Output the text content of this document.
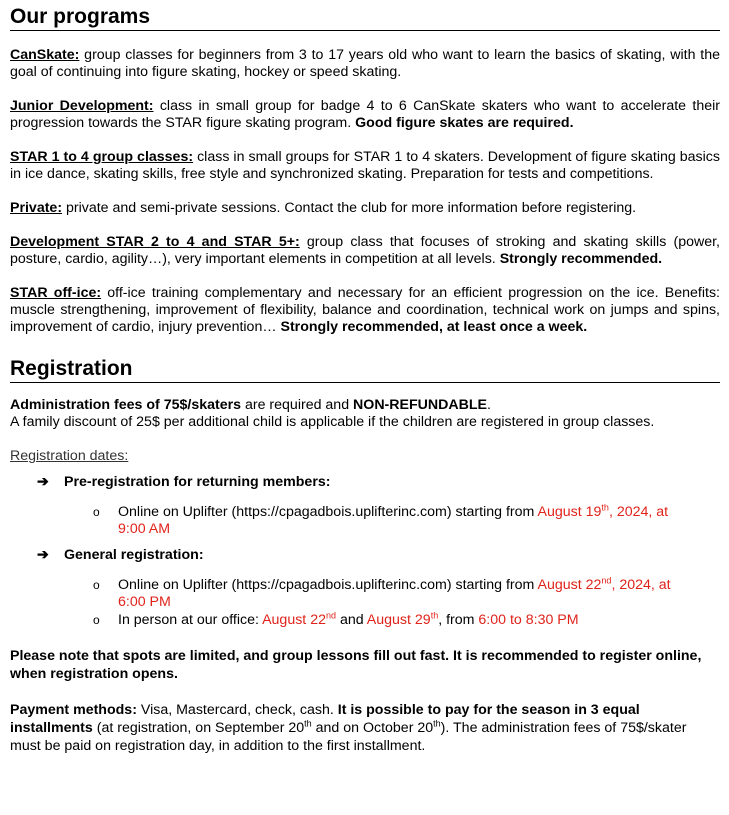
Our programs

CanSkate: group classes for beginners from 3 to 17 years old who want to learn the basics of skating, with the goal of continuing into figure skating, hockey or speed skating.

Junior Development: class in small group for badge 4 to 6 CanSkate skaters who want to accelerate their progression towards the STAR figure skating program. Good figure skates are required.

STAR 1 to 4 group classes: class in small groups for STAR 1 to 4 skaters. Development of figure skating basics in ice dance, skating skills, free style and synchronized skating. Preparation for tests and competitions.

Private: private and semi-private sessions. Contact the club for more information before registering.

Development STAR 2 to 4 and STAR 5+: group class that focuses of stroking and skating skills (power, posture, cardio, agility…), very important elements in competition at all levels. Strongly recommended.

STAR off-ice: off-ice training complementary and necessary for an efficient progression on the ice. Benefits: muscle strengthening, improvement of flexibility, balance and coordination, technical work on jumps and spins, improvement of cardio, injury prevention… Strongly recommended, at least once a week.

Registration

Administration fees of 75$/skaters are required and NON-REFUNDABLE.

A family discount of 25$ per additional child is applicable if the children are registered in group classes.

Registration dates:

➔ Pre-registration for returning members:
o Online on Uplifter (https://cpagadbois.uplifterinc.com) starting from August 19th, 2024, at
9:00 AM
➔ General registration:
o Online on Uplifter (https://cpagadbois.uplifterinc.com) starting from August 22nd, 2024, at
6:00 PM
o In person at our office: August 22nd and August 29th, from 6:00 to 8:30 PM

Please note that spots are limited, and group lessons fill out fast. It is recommended to register online, when registration opens.

Payment methods: Visa, Mastercard, check, cash. It is possible to pay for the season in 3 equal installments (at registration, on September 20th and on October 20th). The administration fees of 75$/skater must be paid on registration day, in addition to the first installment.
